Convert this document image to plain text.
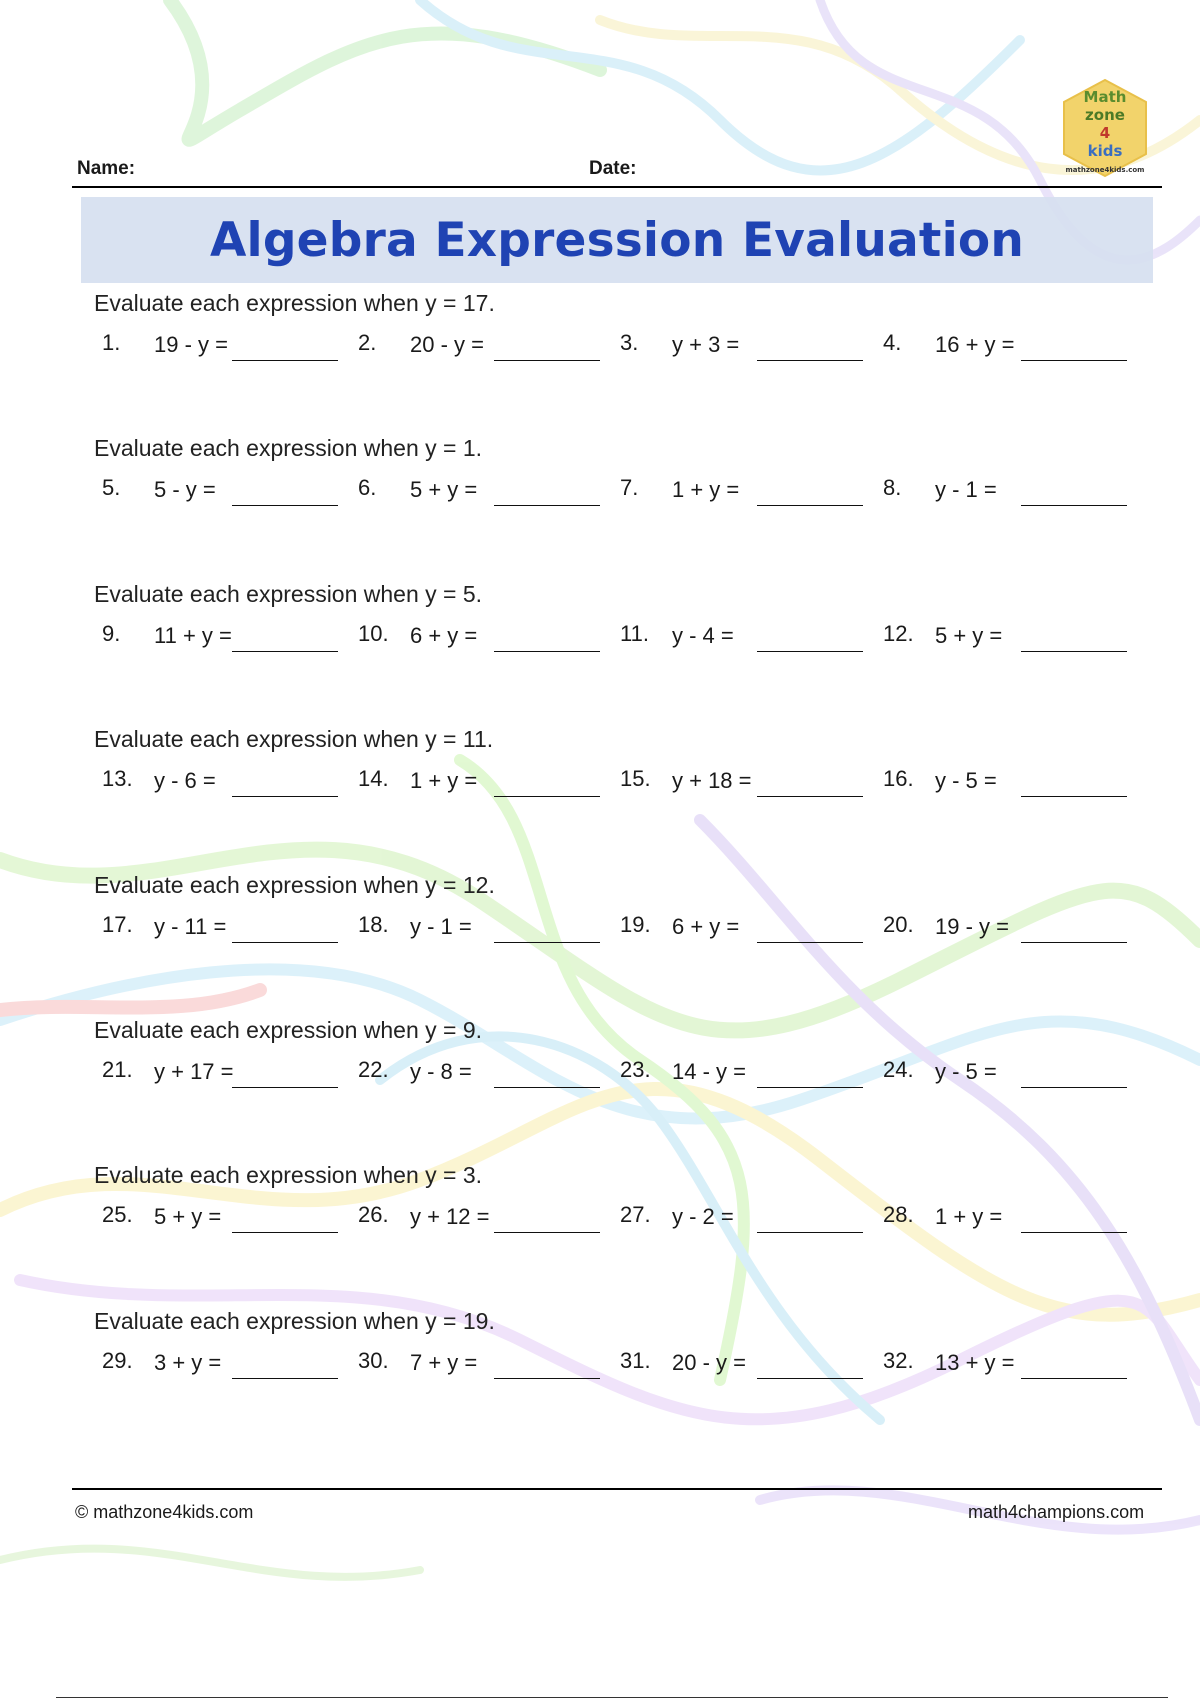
Math
zone
4
kids
mathzone4kids.com
Name:	Date:
Algebra Expression Evaluation
Evaluate each expression when y = 17.
1. 19 - y =	2. 20 - y =	3. y + 3 =	4. 16 + y =
Evaluate each expression when y = 1.
5. 5 - y =	6. 5 + y =	7. 1 + y =	8. y - 1 =
Evaluate each expression when y = 5.
9. 11 + y =	10. 6 + y =	11. y - 4 =	12. 5 + y =
Evaluate each expression when y = 11.
13. y - 6 =	14. 1 + y =	15. y + 18 =	16. y - 5 =
Evaluate each expression when y = 12.
17. y - 11 =	18. y - 1 =	19. 6 + y =	20. 19 - y =
Evaluate each expression when y = 9.
21. y + 17 =	22. y - 8 =	23. 14 - y =	24. y - 5 =
Evaluate each expression when y = 3.
25. 5 + y =	26. y + 12 =	27. y - 2 =	28. 1 + y =
Evaluate each expression when y = 19.
29. 3 + y =	30. 7 + y =	31. 20 - y =	32. 13 + y =
© mathzone4kids.com	math4champions.com
